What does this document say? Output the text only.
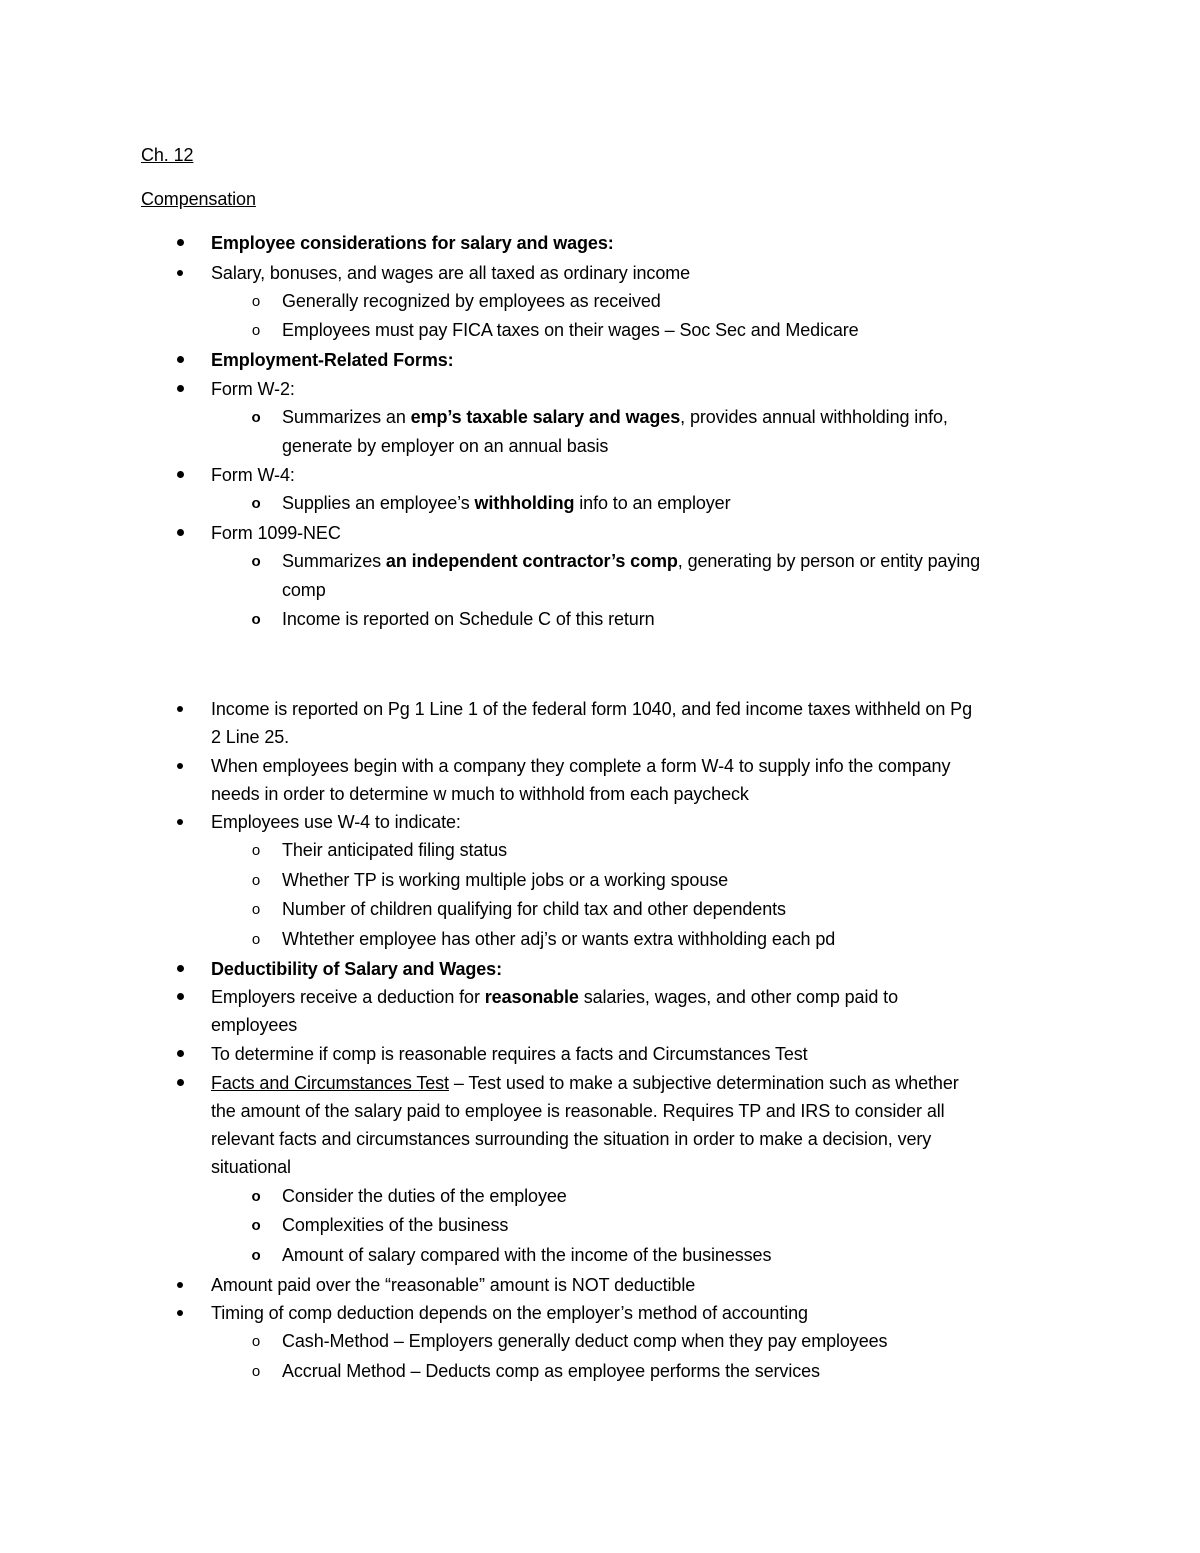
Ch. 12
Compensation
Employee considerations for salary and wages:
Salary, bonuses, and wages are all taxed as ordinary income
o Generally recognized by employees as received
o Employees must pay FICA taxes on their wages – Soc Sec and Medicare
Employment-Related Forms:
Form W-2:
o Summarizes an emp’s taxable salary and wages, provides annual withholding info,
generate by employer on an annual basis
Form W-4:
o Supplies an employee’s withholding info to an employer
Form 1099-NEC
o Summarizes an independent contractor’s comp, generating by person or entity paying
comp
o Income is reported on Schedule C of this return
Income is reported on Pg 1 Line 1 of the federal form 1040, and fed income taxes withheld on Pg
2 Line 25.
When employees begin with a company they complete a form W-4 to supply info the company
needs in order to determine w much to withhold from each paycheck
Employees use W-4 to indicate:
o Their anticipated filing status
o Whether TP is working multiple jobs or a working spouse
o Number of children qualifying for child tax and other dependents
o Whtether employee has other adj’s or wants extra withholding each pd
Deductibility of Salary and Wages:
Employers receive a deduction for reasonable salaries, wages, and other comp paid to
employees
To determine if comp is reasonable requires a facts and Circumstances Test
Facts and Circumstances Test – Test used to make a subjective determination such as whether
the amount of the salary paid to employee is reasonable. Requires TP and IRS to consider all
relevant facts and circumstances surrounding the situation in order to make a decision, very
situational
o Consider the duties of the employee
o Complexities of the business
o Amount of salary compared with the income of the businesses
Amount paid over the “reasonable” amount is NOT deductible
Timing of comp deduction depends on the employer’s method of accounting
o Cash-Method – Employers generally deduct comp when they pay employees
o Accrual Method – Deducts comp as employee performs the services
